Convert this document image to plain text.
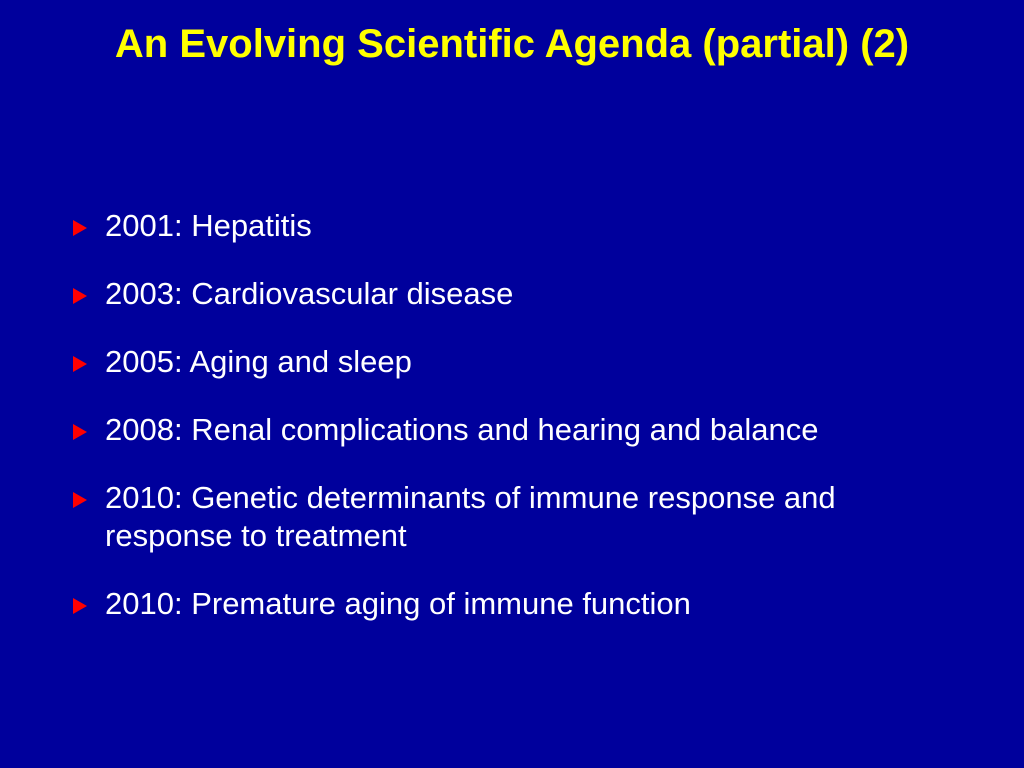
An Evolving Scientific Agenda (partial) (2)
2001: Hepatitis
2003: Cardiovascular disease
2005: Aging and sleep
2008: Renal complications and hearing and balance
2010: Genetic determinants of immune response and response to treatment
2010: Premature aging of immune function
